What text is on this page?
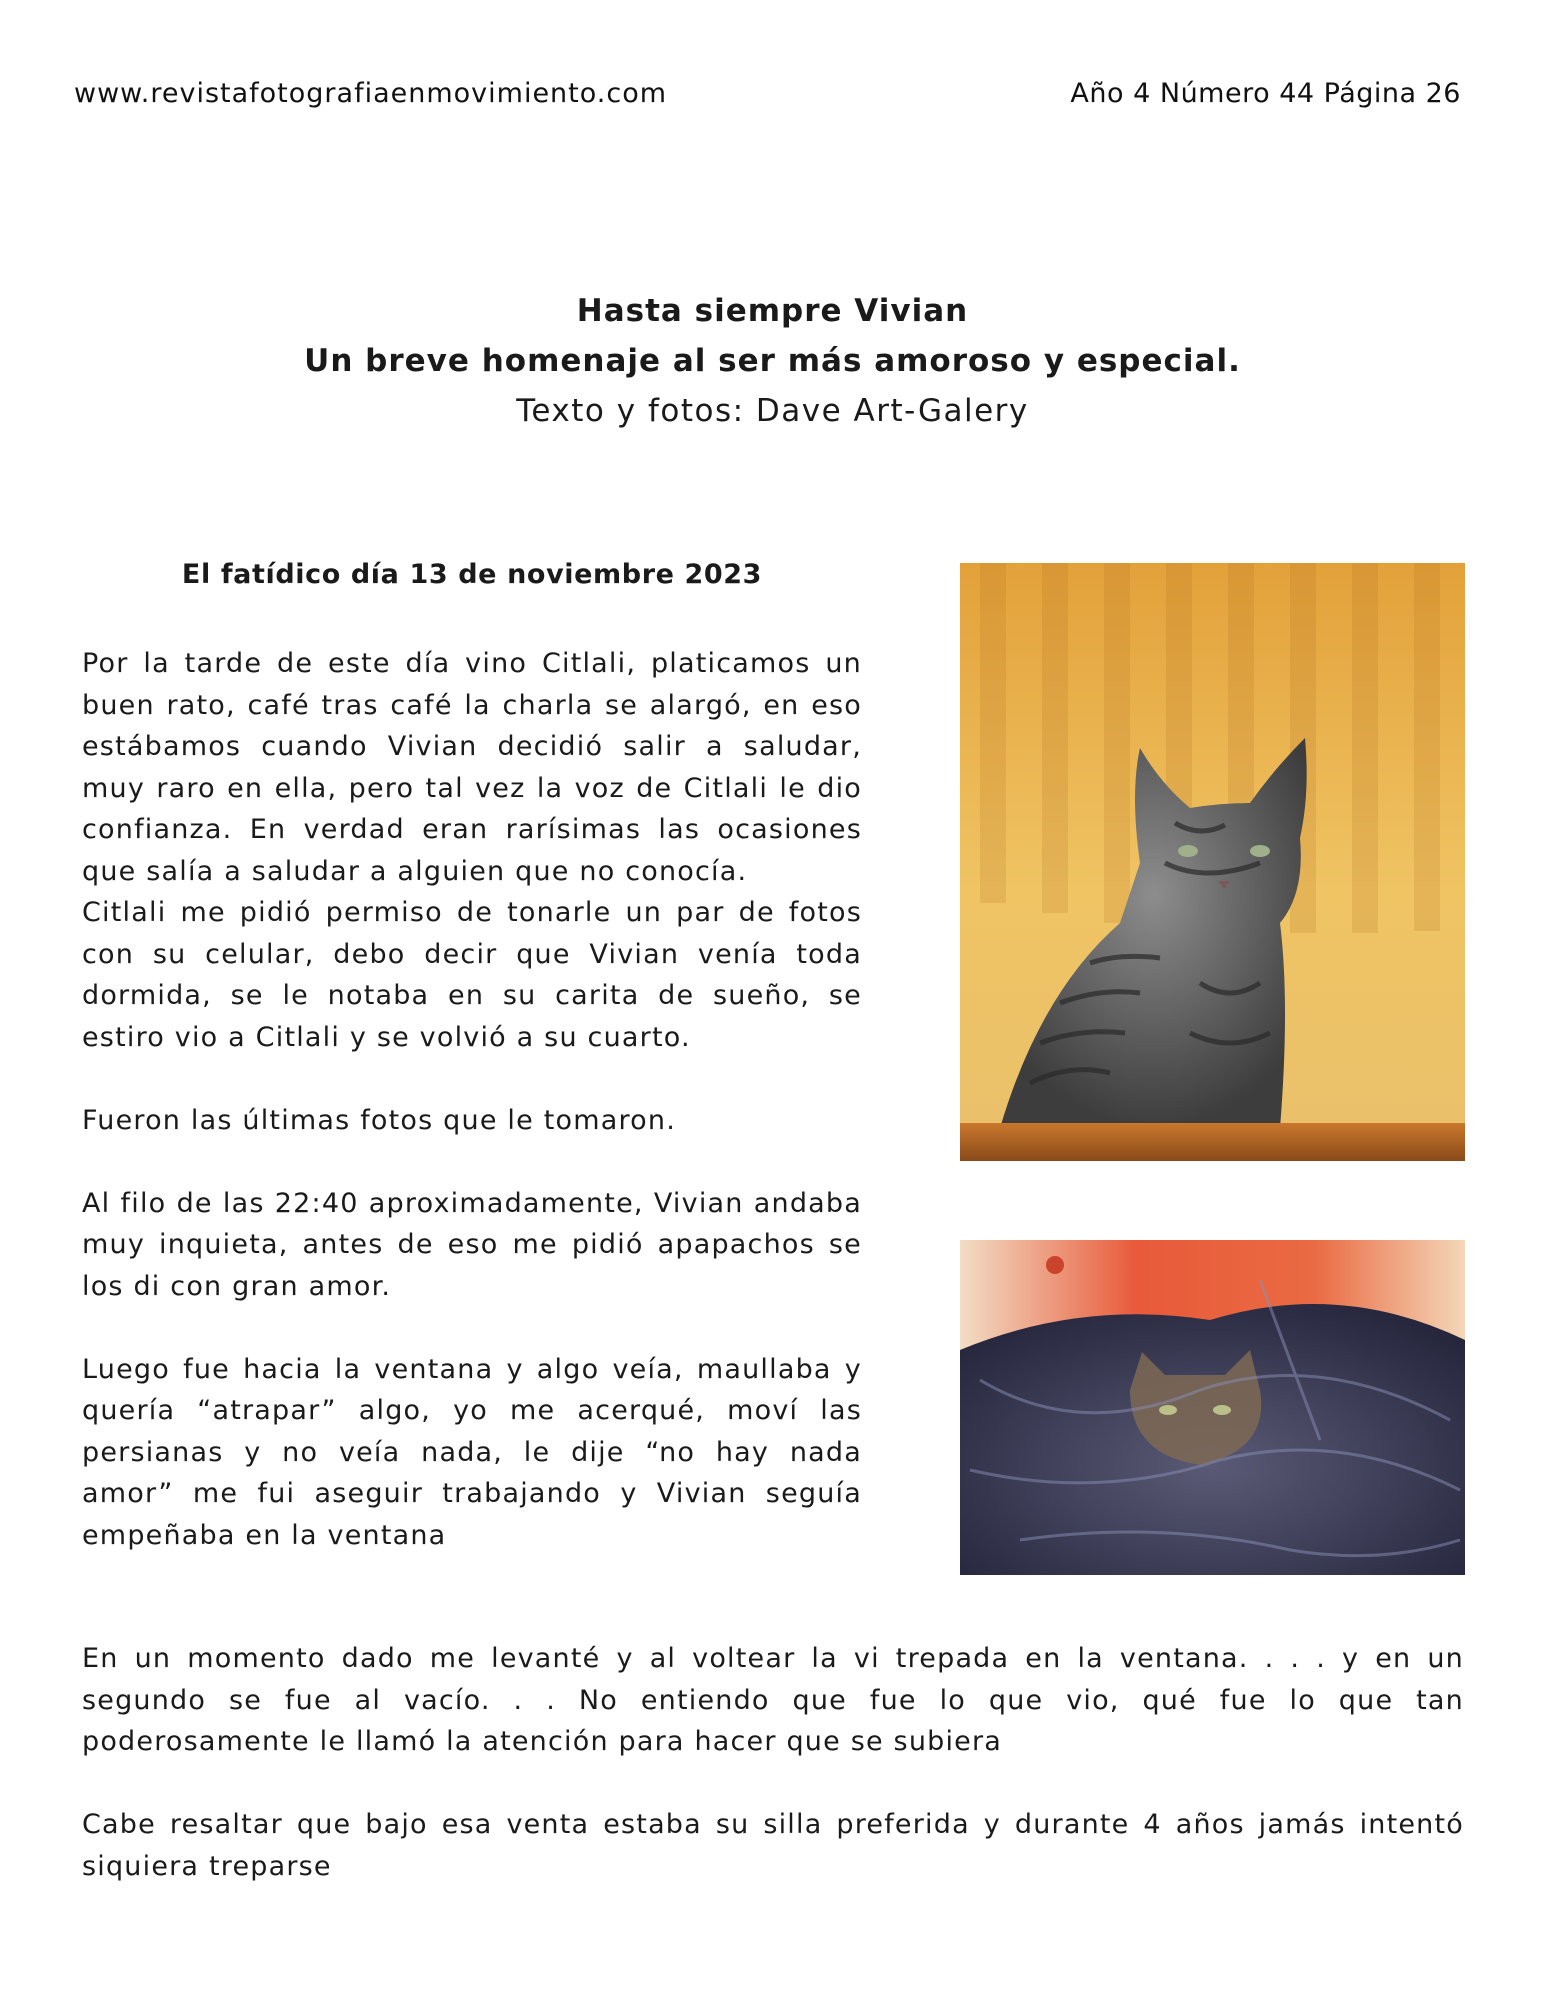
www.revistafotografiaenmovimiento.com	Año 4 Número 44 Página 26
Hasta siempre Vivian
Un breve homenaje al ser más amoroso y especial.
Texto y fotos: Dave Art-Galery
El fatídico día 13 de noviembre 2023

Por la tarde de este día vino Citlali, platicamos un buen rato, café tras café la charla se alargó, en eso estábamos cuando Vivian decidió salir a saludar, muy raro en ella, pero tal vez la voz de Citlali le dio confianza. En verdad eran rarísimas las ocasiones que salía a saludar a alguien que no conocía.

Citlali me pidió permiso de tonarle un par de fotos con su celular, debo decir que Vivian venía toda dormida, se le notaba en su carita de sueño, se estiro vio a Citlali y se volvió a su cuarto.

Fueron las últimas fotos que le tomaron.

Al filo de las 22:40 aproximadamente, Vivian andaba muy inquieta, antes de eso me pidió apapachos se los di con gran amor.

Luego fue hacia la ventana y algo veía, maullaba y quería “atrapar” algo, yo me acerqué, moví las persianas y no veía nada, le dije “no hay nada amor” me fui aseguir trabajando y Vivian seguía empeñaba en la ventana

En un momento dado me levanté y al voltear la vi trepada en la ventana. . . . y en un segundo se fue al vacío. . . No entiendo que fue lo que vio, qué fue lo que tan poderosamente le llamó la atención para hacer que se subiera

Cabe resaltar que bajo esa venta estaba su silla preferida y durante 4 años jamás intentó siquiera treparse
